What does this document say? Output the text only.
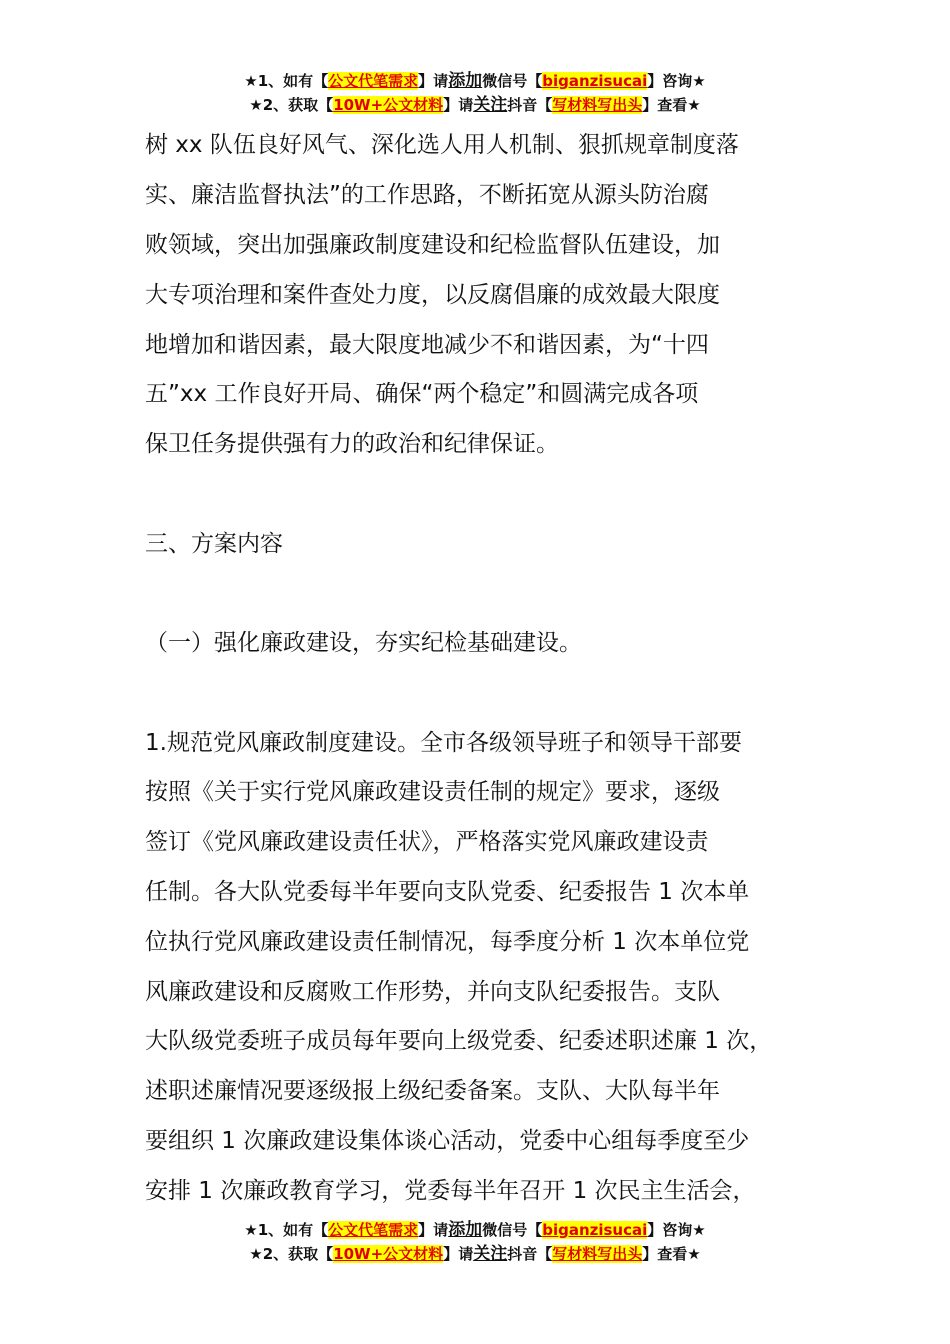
★1、如有【公文代笔需求】请添加微信号【biganzisucai】咨询★
★2、获取【10W+公文材料】请关注抖音【写材料写出头】查看★
树 xx 队伍良好风气、深化选人用人机制、狠抓规章制度落
实、廉洁监督执法”的工作思路，不断拓宽从源头防治腐
败领域，突出加强廉政制度建设和纪检监督队伍建设，加
大专项治理和案件查处力度，以反腐倡廉的成效最大限度
地增加和谐因素，最大限度地减少不和谐因素，为“十四
五”xx 工作良好开局、确保“两个稳定”和圆满完成各项
保卫任务提供强有力的政治和纪律保证。
三、方案内容
（一）强化廉政建设，夯实纪检基础建设。
1.规范党风廉政制度建设。全市各级领导班子和领导干部要
按照《关于实行党风廉政建设责任制的规定》要求，逐级
签订《党风廉政建设责任状》，严格落实党风廉政建设责
任制。各大队党委每半年要向支队党委、纪委报告 1 次本单
位执行党风廉政建设责任制情况，每季度分析 1 次本单位党
风廉政建设和反腐败工作形势，并向支队纪委报告。支队
大队级党委班子成员每年要向上级党委、纪委述职述廉 1 次，
述职述廉情况要逐级报上级纪委备案。支队、大队每半年
要组织 1 次廉政建设集体谈心活动，党委中心组每季度至少
安排 1 次廉政教育学习，党委每半年召开 1 次民主生活会，
★1、如有【公文代笔需求】请添加微信号【biganzisucai】咨询★
★2、获取【10W+公文材料】请关注抖音【写材料写出头】查看★
